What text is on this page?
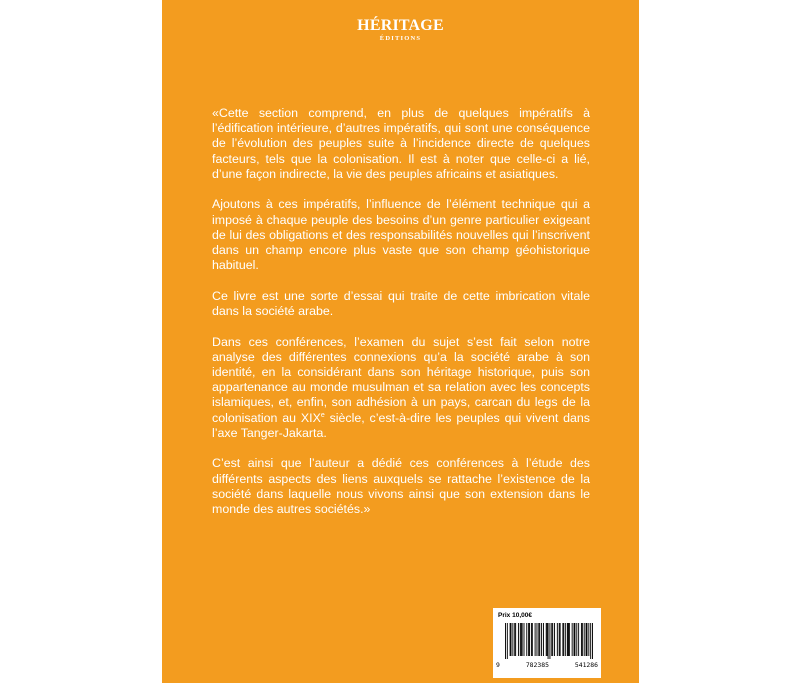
HÉRITAGE
ÉDITIONS

«Cette section comprend, en plus de quelques impératifs à l’édification intérieure, d’autres impératifs, qui sont une conséquence de l’évolution des peuples suite à l’incidence directe de quelques facteurs, tels que la colonisation. Il est à noter que celle-ci a lié, d’une façon indirecte, la vie des peuples africains et asiatiques.

Ajoutons à ces impératifs, l’influence de l’élément technique qui a imposé à chaque peuple des besoins d’un genre particulier exigeant de lui des obligations et des responsabilités nouvelles qui l’inscrivent dans un champ encore plus vaste que son champ géohistorique habituel.

Ce livre est une sorte d’essai qui traite de cette imbrication vitale dans la société arabe.

Dans ces conférences, l’examen du sujet s’est fait selon notre analyse des différentes connexions qu’a la société arabe à son identité, en la considérant dans son héritage historique, puis son appartenance au monde musulman et sa relation avec les concepts islamiques, et, enfin, son adhésion à un pays, carcan du legs de la colonisation au XIXe siècle, c’est-à-dire les peuples qui vivent dans l’axe Tanger-Jakarta.

C’est ainsi que l’auteur a dédié ces conférences à l’étude des différents aspects des liens auxquels se rattache l’existence de la société dans laquelle nous vivons ainsi que son extension dans le monde des autres sociétés.»

Prix 10,00€
9	782385	541286
